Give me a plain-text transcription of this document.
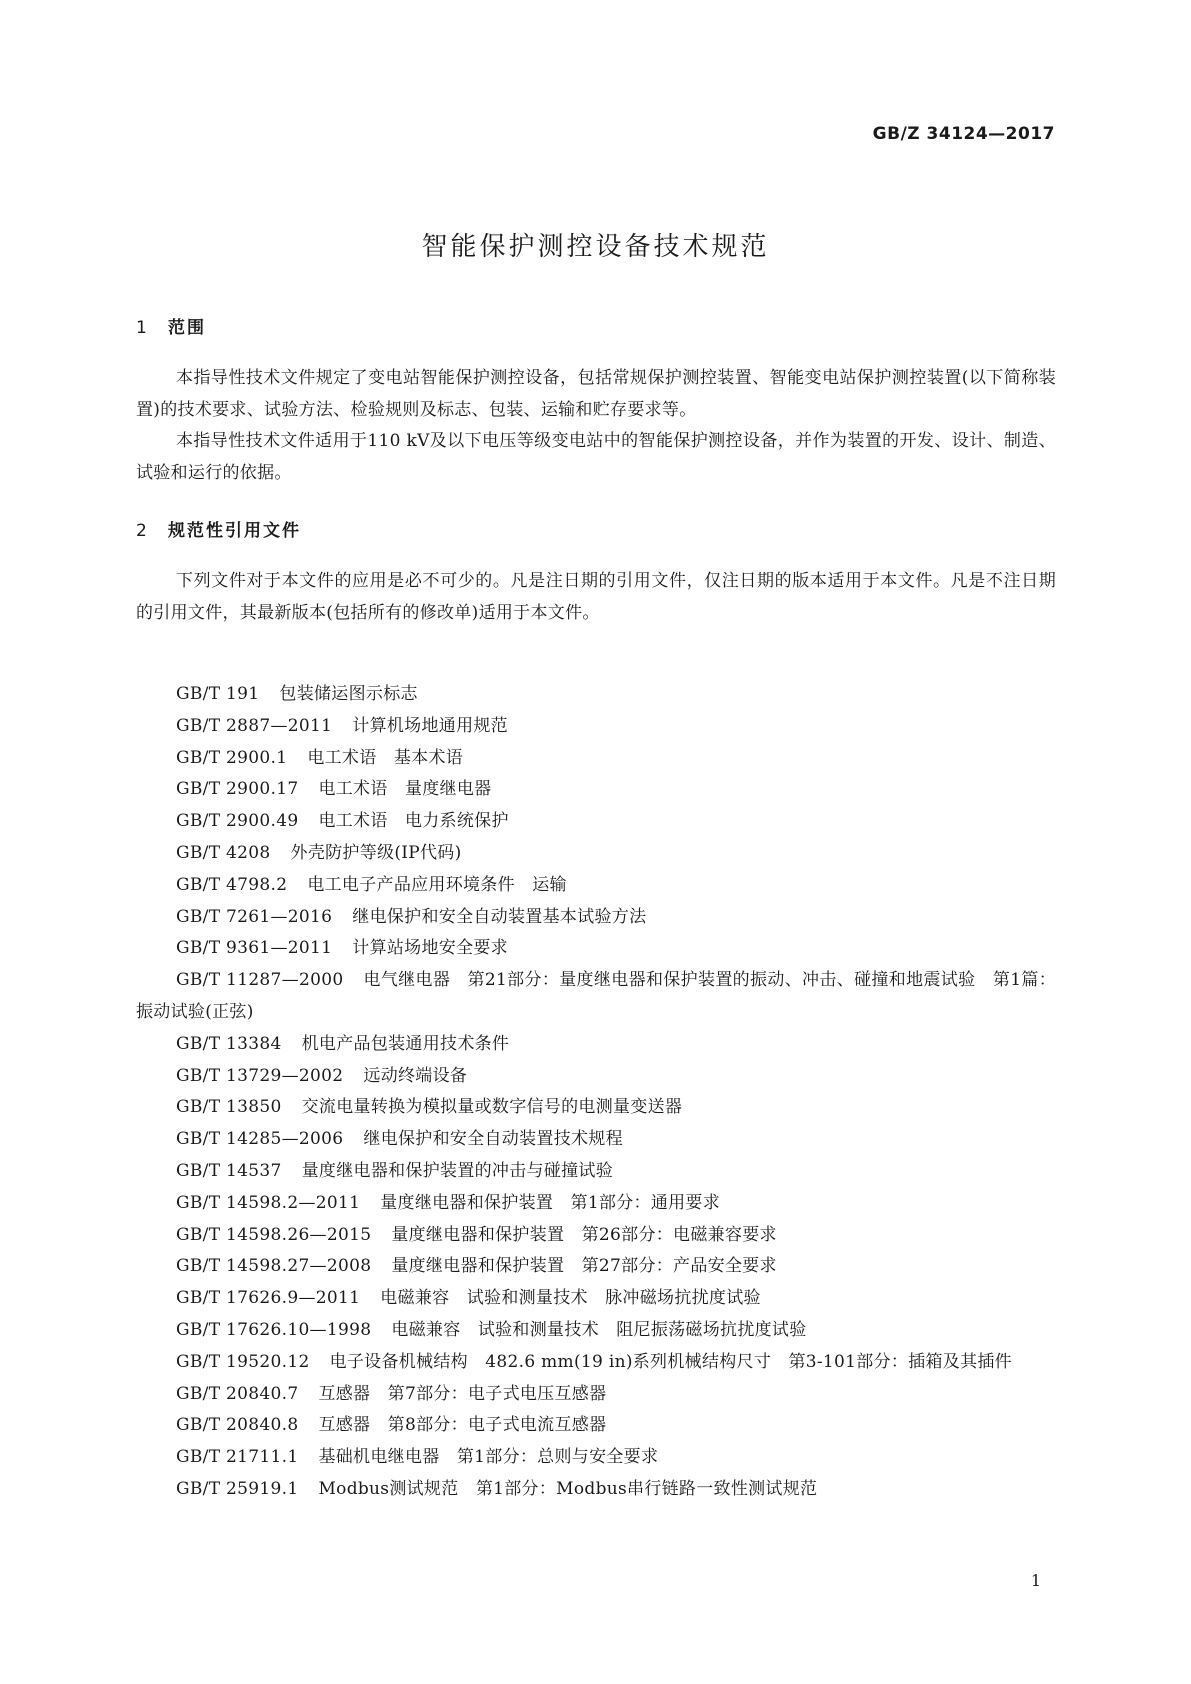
GB/Z 34124—2017
智能保护测控设备技术规范
1 范围

本指导性技术文件规定了变电站智能保护测控设备，包括常规保护测控装置、智能变电站保护测控装置(以下简称装置)的技术要求、试验方法、检验规则及标志、包装、运输和贮存要求等。

本指导性技术文件适用于110 kV及以下电压等级变电站中的智能保护测控设备，并作为装置的开发、设计、制造、试验和运行的依据。

2 规范性引用文件

下列文件对于本文件的应用是必不可少的。凡是注日期的引用文件，仅注日期的版本适用于本文件。凡是不注日期的引用文件，其最新版本(包括所有的修改单)适用于本文件。

GB/T 191 包装储运图示标志
GB/T 2887—2011 计算机场地通用规范
GB/T 2900.1 电工术语　基本术语
GB/T 2900.17 电工术语　量度继电器
GB/T 2900.49 电工术语　电力系统保护
GB/T 4208 外壳防护等级(IP代码)
GB/T 4798.2 电工电子产品应用环境条件　运输
GB/T 7261—2016 继电保护和安全自动装置基本试验方法
GB/T 9361—2011 计算站场地安全要求
GB/T 11287—2000 电气继电器　第21部分：量度继电器和保护装置的振动、冲击、碰撞和地震试验　第1篇：振动试验(正弦)
GB/T 13384 机电产品包装通用技术条件
GB/T 13729—2002 远动终端设备
GB/T 13850 交流电量转换为模拟量或数字信号的电测量变送器
GB/T 14285—2006 继电保护和安全自动装置技术规程
GB/T 14537 量度继电器和保护装置的冲击与碰撞试验
GB/T 14598.2—2011 量度继电器和保护装置　第1部分：通用要求
GB/T 14598.26—2015 量度继电器和保护装置　第26部分：电磁兼容要求
GB/T 14598.27—2008 量度继电器和保护装置　第27部分：产品安全要求
GB/T 17626.9—2011 电磁兼容　试验和测量技术　脉冲磁场抗扰度试验
GB/T 17626.10—1998 电磁兼容　试验和测量技术　阻尼振荡磁场抗扰度试验
GB/T 19520.12 电子设备机械结构　482.6 mm(19 in)系列机械结构尺寸　第3-101部分：插箱及其插件
GB/T 20840.7 互感器　第7部分：电子式电压互感器
GB/T 20840.8 互感器　第8部分：电子式电流互感器
GB/T 21711.1 基础机电继电器　第1部分：总则与安全要求
GB/T 25919.1 Modbus测试规范　第1部分：Modbus串行链路一致性测试规范
1
